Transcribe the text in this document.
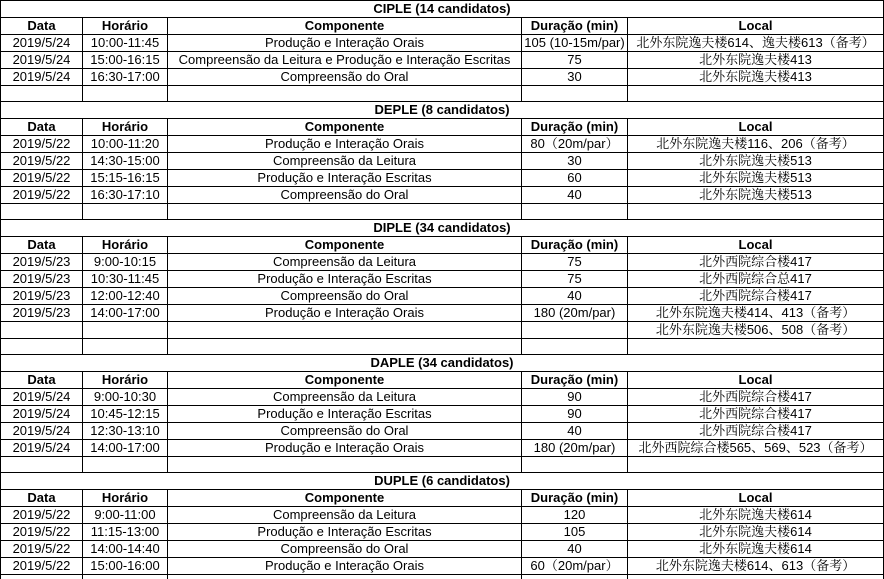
CIPLE (14 candidatos)				
Data	Horário	Componente	Duração (min)	Local
2019/5/24	10:00-11:45	Produção e Interação Orais	105 (10-15m/par)	北外东院逸夫楼614、逸夫楼613（备考）
2019/5/24	15:00-16:15	Compreensão da Leitura e Produção e Interação Escritas	75	北外东院逸夫楼413
2019/5/24	16:30-17:00	Compreensão do Oral	30	北外东院逸夫楼413

DEPLE (8 candidatos)				
Data	Horário	Componente	Duração (min)	Local
2019/5/22	10:00-11:20	Produção e Interação Orais	80（20m/par）	北外东院逸夫楼116、206（备考）
2019/5/22	14:30-15:00	Compreensão da Leitura	30	北外东院逸夫楼513
2019/5/22	15:15-16:15	Produção e Interação Escritas	60	北外东院逸夫楼513
2019/5/22	16:30-17:10	Compreensão do Oral	40	北外东院逸夫楼513

DIPLE (34 candidatos)				
Data	Horário	Componente	Duração (min)	Local
2019/5/23	9:00-10:15	Compreensão da Leitura	75	北外西院综合楼417
2019/5/23	10:30-11:45	Produção e Interação Escritas	75	北外西院综合总417
2019/5/23	12:00-12:40	Compreensão do Oral	40	北外西院综合楼417
2019/5/23	14:00-17:00	Produção e Interação Orais	180 (20m/par)	北外东院逸夫楼414、413（备考）
				北外东院逸夫楼506、508（备考）

DAPLE (34 candidatos)				
Data	Horário	Componente	Duração (min)	Local
2019/5/24	9:00-10:30	Compreensão da Leitura	90	北外西院综合楼417
2019/5/24	10:45-12:15	Produção e Interação Escritas	90	北外西院综合楼417
2019/5/24	12:30-13:10	Compreensão do Oral	40	北外西院综合楼417
2019/5/24	14:00-17:00	Produção e Interação Orais	180 (20m/par)	北外西院综合楼565、569、523（备考）

DUPLE (6 candidatos)				
Data	Horário	Componente	Duração (min)	Local
2019/5/22	9:00-11:00	Compreensão da Leitura	120	北外东院逸夫楼614
2019/5/22	11:15-13:00	Produção e Interação Escritas	105	北外东院逸夫楼614
2019/5/22	14:00-14:40	Compreensão do Oral	40	北外东院逸夫楼614
2019/5/22	15:00-16:00	Produção e Interação Orais	60（20m/par）	北外东院逸夫楼614、613（备考）
